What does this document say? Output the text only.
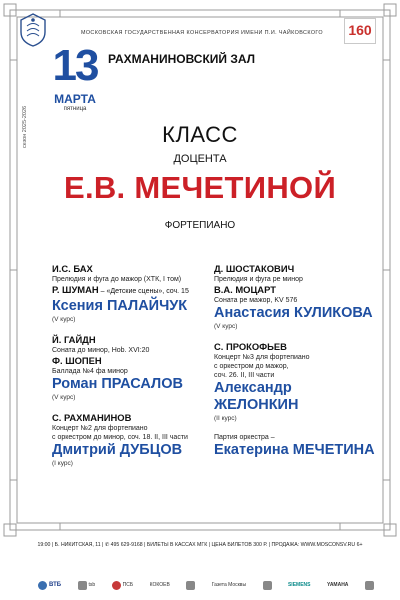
160
МОСКОВСКАЯ ГОСУДАРСТВЕННАЯ КОНСЕРВАТОРИЯ ИМЕНИ П.И. ЧАЙКОВСКОГО
РАХМАНИНОВСКИЙ ЗАЛ
13
МАРТА
пятница
сезон 2025-2026	КЛАСС
ДОЦЕНТА
Е.В. МЕЧЕТИНОЙ
ФОРТЕПИАНО
И.С. БАХ
Прелюдия и фуга до мажор (ХТК, I том)
Р. ШУМАН – «Детские сцены», соч. 15
Ксения ПАЛАЙЧУК
(V курс)
Й. ГАЙДН
Соната до минор, Hob. XVI:20
Ф. ШОПЕН
Баллада №4 фа минор
Роман ПРАСАЛОВ
(V курс)
С. РАХМАНИНОВ
Концерт №2 для фортепиано
с оркестром до минор, соч. 18. II, III части
Дмитрий ДУБЦОВ
(I курс)
Д. ШОСТАКОВИЧ
Прелюдия и фуга ре минор
В.А. МОЦАРТ
Соната ре мажор, KV 576
Анастасия КУЛИКОВА
(V курс)
С. ПРОКОФЬЕВ
Концерт №3 для фортепиано
с оркестром до мажор,
соч. 26. II, III части
Александр
ЖЕЛОНКИН
(II курс)
Партия оркестра –
Екатерина МЕЧЕТИНА
19:00 | Б. НИКИТСКАЯ, 11 | ✆ 495 629-9168 | БИЛЕТЫ В КАССАХ МГК | ЦЕНА БИЛЕТОВ 300 Р. | ПРОДАЖА: WWW.MOSCONSV.RU 6+
ВТБ	tsb	ПСБ	КОКОЕВ	Газета Москвы	SIEMENS	YAMAHA
